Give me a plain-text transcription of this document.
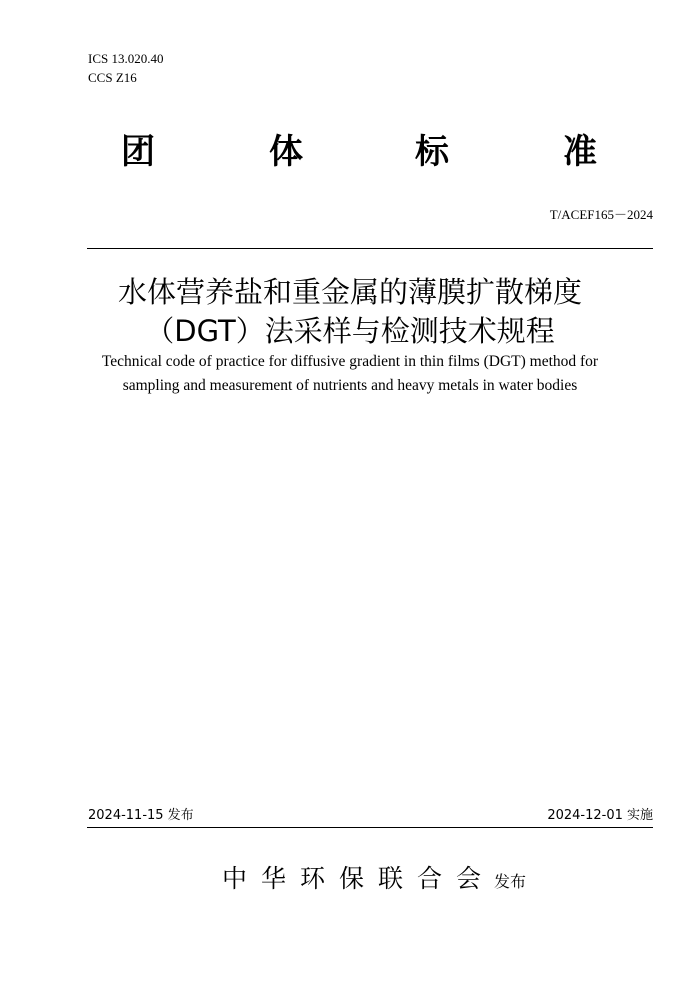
ICS 13.020.40
CCS Z16
团	体	标	准
T/ACEF165－2024
水体营养盐和重金属的薄膜扩散梯度
（DGT）法采样与检测技术规程
Technical code of practice for diffusive gradient in thin films (DGT) method for
sampling and measurement of nutrients and heavy metals in water bodies
2024-11-15 发布	2024-12-01 实施
中华环保联合会
发布
